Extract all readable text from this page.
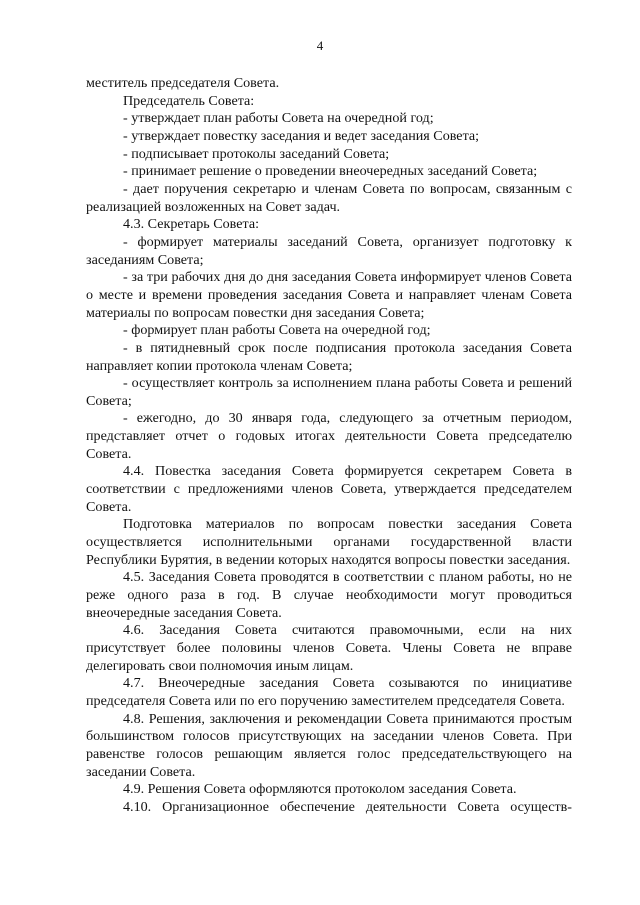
4

меститель председателя Совета.

Председатель Совета:

- утверждает план работы Совета на очередной год;

- утверждает повестку заседания и ведет заседания Совета;

- подписывает протоколы заседаний Совета;

- принимает решение о проведении внеочередных заседаний Совета;

- дает поручения секретарю и членам Совета по вопросам, связанным с реализацией возложенных на Совет задач.

4.3. Секретарь Совета:

- формирует материалы заседаний Совета, организует подготовку к заседаниям Совета;

- за три рабочих дня до дня заседания Совета информирует членов Совета о месте и времени проведения заседания Совета и направляет членам Совета материалы по вопросам повестки дня заседания Совета;

- формирует план работы Совета на очередной год;

- в пятидневный срок после подписания протокола заседания Совета направляет копии протокола членам Совета;

- осуществляет контроль за исполнением плана работы Совета и решений Совета;

- ежегодно, до 30 января года, следующего за отчетным периодом, представляет отчет о годовых итогах деятельности Совета председателю Совета.

4.4. Повестка заседания Совета формируется секретарем Совета в соответствии с предложениями членов Совета, утверждается председателем Совета.

Подготовка материалов по вопросам повестки заседания Совета осуществляется исполнительными органами государственной власти Республики Бурятия, в ведении которых находятся вопросы повестки заседания.

4.5. Заседания Совета проводятся в соответствии с планом работы, но не реже одного раза в год. В случае необходимости могут проводиться внеочередные заседания Совета.

4.6. Заседания Совета считаются правомочными, если на них присутствует более половины членов Совета. Члены Совета не вправе делегировать свои полномочия иным лицам.

4.7. Внеочередные заседания Совета созываются по инициативе председателя Совета или по его поручению заместителем председателя Совета.

4.8. Решения, заключения и рекомендации Совета принимаются простым большинством голосов присутствующих на заседании членов Совета. При равенстве голосов решающим является голос председательствующего на заседании Совета.

4.9. Решения Совета оформляются протоколом заседания Совета.

4.10. Организационное обеспечение деятельности Совета осуществ-
